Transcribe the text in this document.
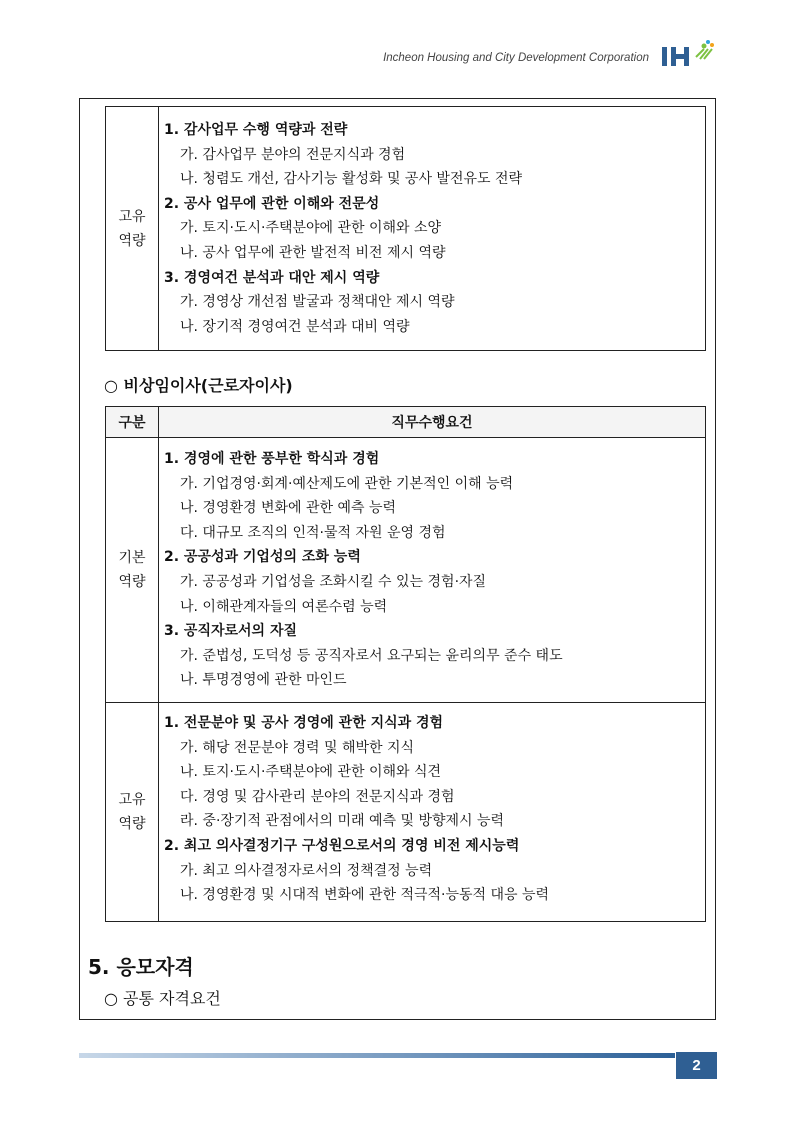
Incheon Housing and City Development Corporation
고유
역량
1. 감사업무 수행 역량과 전략
가. 감사업무 분야의 전문지식과 경험
나. 청렴도 개선, 감사기능 활성화 및 공사 발전유도 전략
2. 공사 업무에 관한 이해와 전문성
가. 토지·도시·주택분야에 관한 이해와 소양
나. 공사 업무에 관한 발전적 비전 제시 역량
3. 경영여건 분석과 대안 제시 역량
가. 경영상 개선점 발굴과 정책대안 제시 역량
나. 장기적 경영여건 분석과 대비 역량
○ 비상임이사(근로자이사)
구분	직무수행요건
기본
역량
1. 경영에 관한 풍부한 학식과 경험
가. 기업경영·회계·예산제도에 관한 기본적인 이해 능력
나. 경영환경 변화에 관한 예측 능력
다. 대규모 조직의 인적·물적 자원 운영 경험
2. 공공성과 기업성의 조화 능력
가. 공공성과 기업성을 조화시킬 수 있는 경험·자질
나. 이해관계자들의 여론수렴 능력
3. 공직자로서의 자질
가. 준법성, 도덕성 등 공직자로서 요구되는 윤리의무 준수 태도
나. 투명경영에 관한 마인드
고유
역량
1. 전문분야 및 공사 경영에 관한 지식과 경험
가. 해당 전문분야 경력 및 해박한 지식
나. 토지·도시·주택분야에 관한 이해와 식견
다. 경영 및 감사관리 분야의 전문지식과 경험
라. 중·장기적 관점에서의 미래 예측 및 방향제시 능력
2. 최고 의사결정기구 구성원으로서의 경영 비전 제시능력
가. 최고 의사결정자로서의 정책결정 능력
나. 경영환경 및 시대적 변화에 관한 적극적·능동적 대응 능력
5. 응모자격
○ 공통 자격요건
2
